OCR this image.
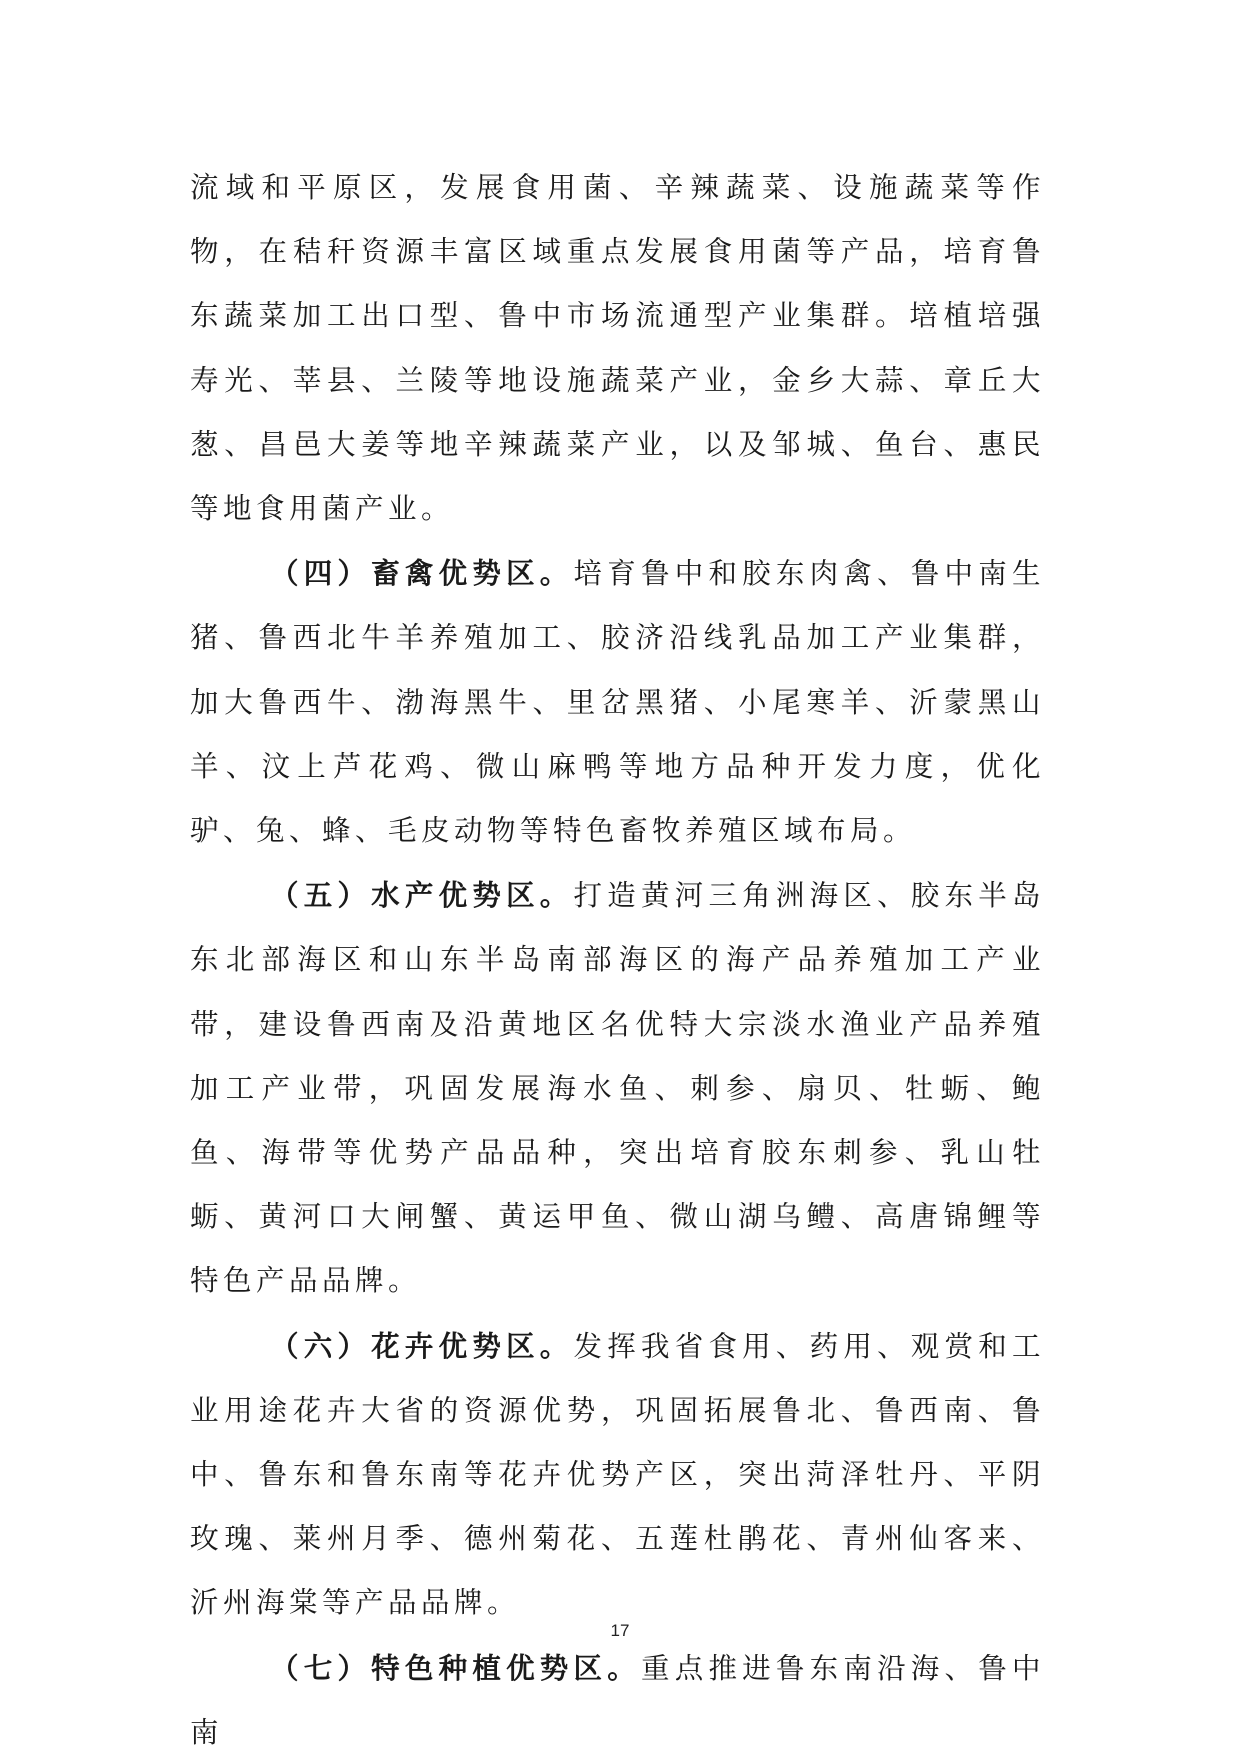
流域和平原区，发展食用菌、辛辣蔬菜、设施蔬菜等作物，在秸秆资源丰富区域重点发展食用菌等产品，培育鲁东蔬菜加工出口型、鲁中市场流通型产业集群。培植培强寿光、莘县、兰陵等地设施蔬菜产业，金乡大蒜、章丘大葱、昌邑大姜等地辛辣蔬菜产业，以及邹城、鱼台、惠民等地食用菌产业。

（四）畜禽优势区。培育鲁中和胶东肉禽、鲁中南生猪、鲁西北牛羊养殖加工、胶济沿线乳品加工产业集群，加大鲁西牛、渤海黑牛、里岔黑猪、小尾寒羊、沂蒙黑山羊、汶上芦花鸡、微山麻鸭等地方品种开发力度，优化驴、兔、蜂、毛皮动物等特色畜牧养殖区域布局。

（五）水产优势区。打造黄河三角洲海区、胶东半岛东北部海区和山东半岛南部海区的海产品养殖加工产业带，建设鲁西南及沿黄地区名优特大宗淡水渔业产品养殖加工产业带，巩固发展海水鱼、刺参、扇贝、牡蛎、鲍鱼、海带等优势产品品种，突出培育胶东刺参、乳山牡蛎、黄河口大闸蟹、黄运甲鱼、微山湖乌鳢、高唐锦鲤等特色产品品牌。

（六）花卉优势区。发挥我省食用、药用、观赏和工业用途花卉大省的资源优势，巩固拓展鲁北、鲁西南、鲁中、鲁东和鲁东南等花卉优势产区，突出菏泽牡丹、平阴玫瑰、莱州月季、德州菊花、五莲杜鹃花、青州仙客来、沂州海棠等产品品牌。

（七）特色种植优势区。重点推进鲁东南沿海、鲁中南

17
